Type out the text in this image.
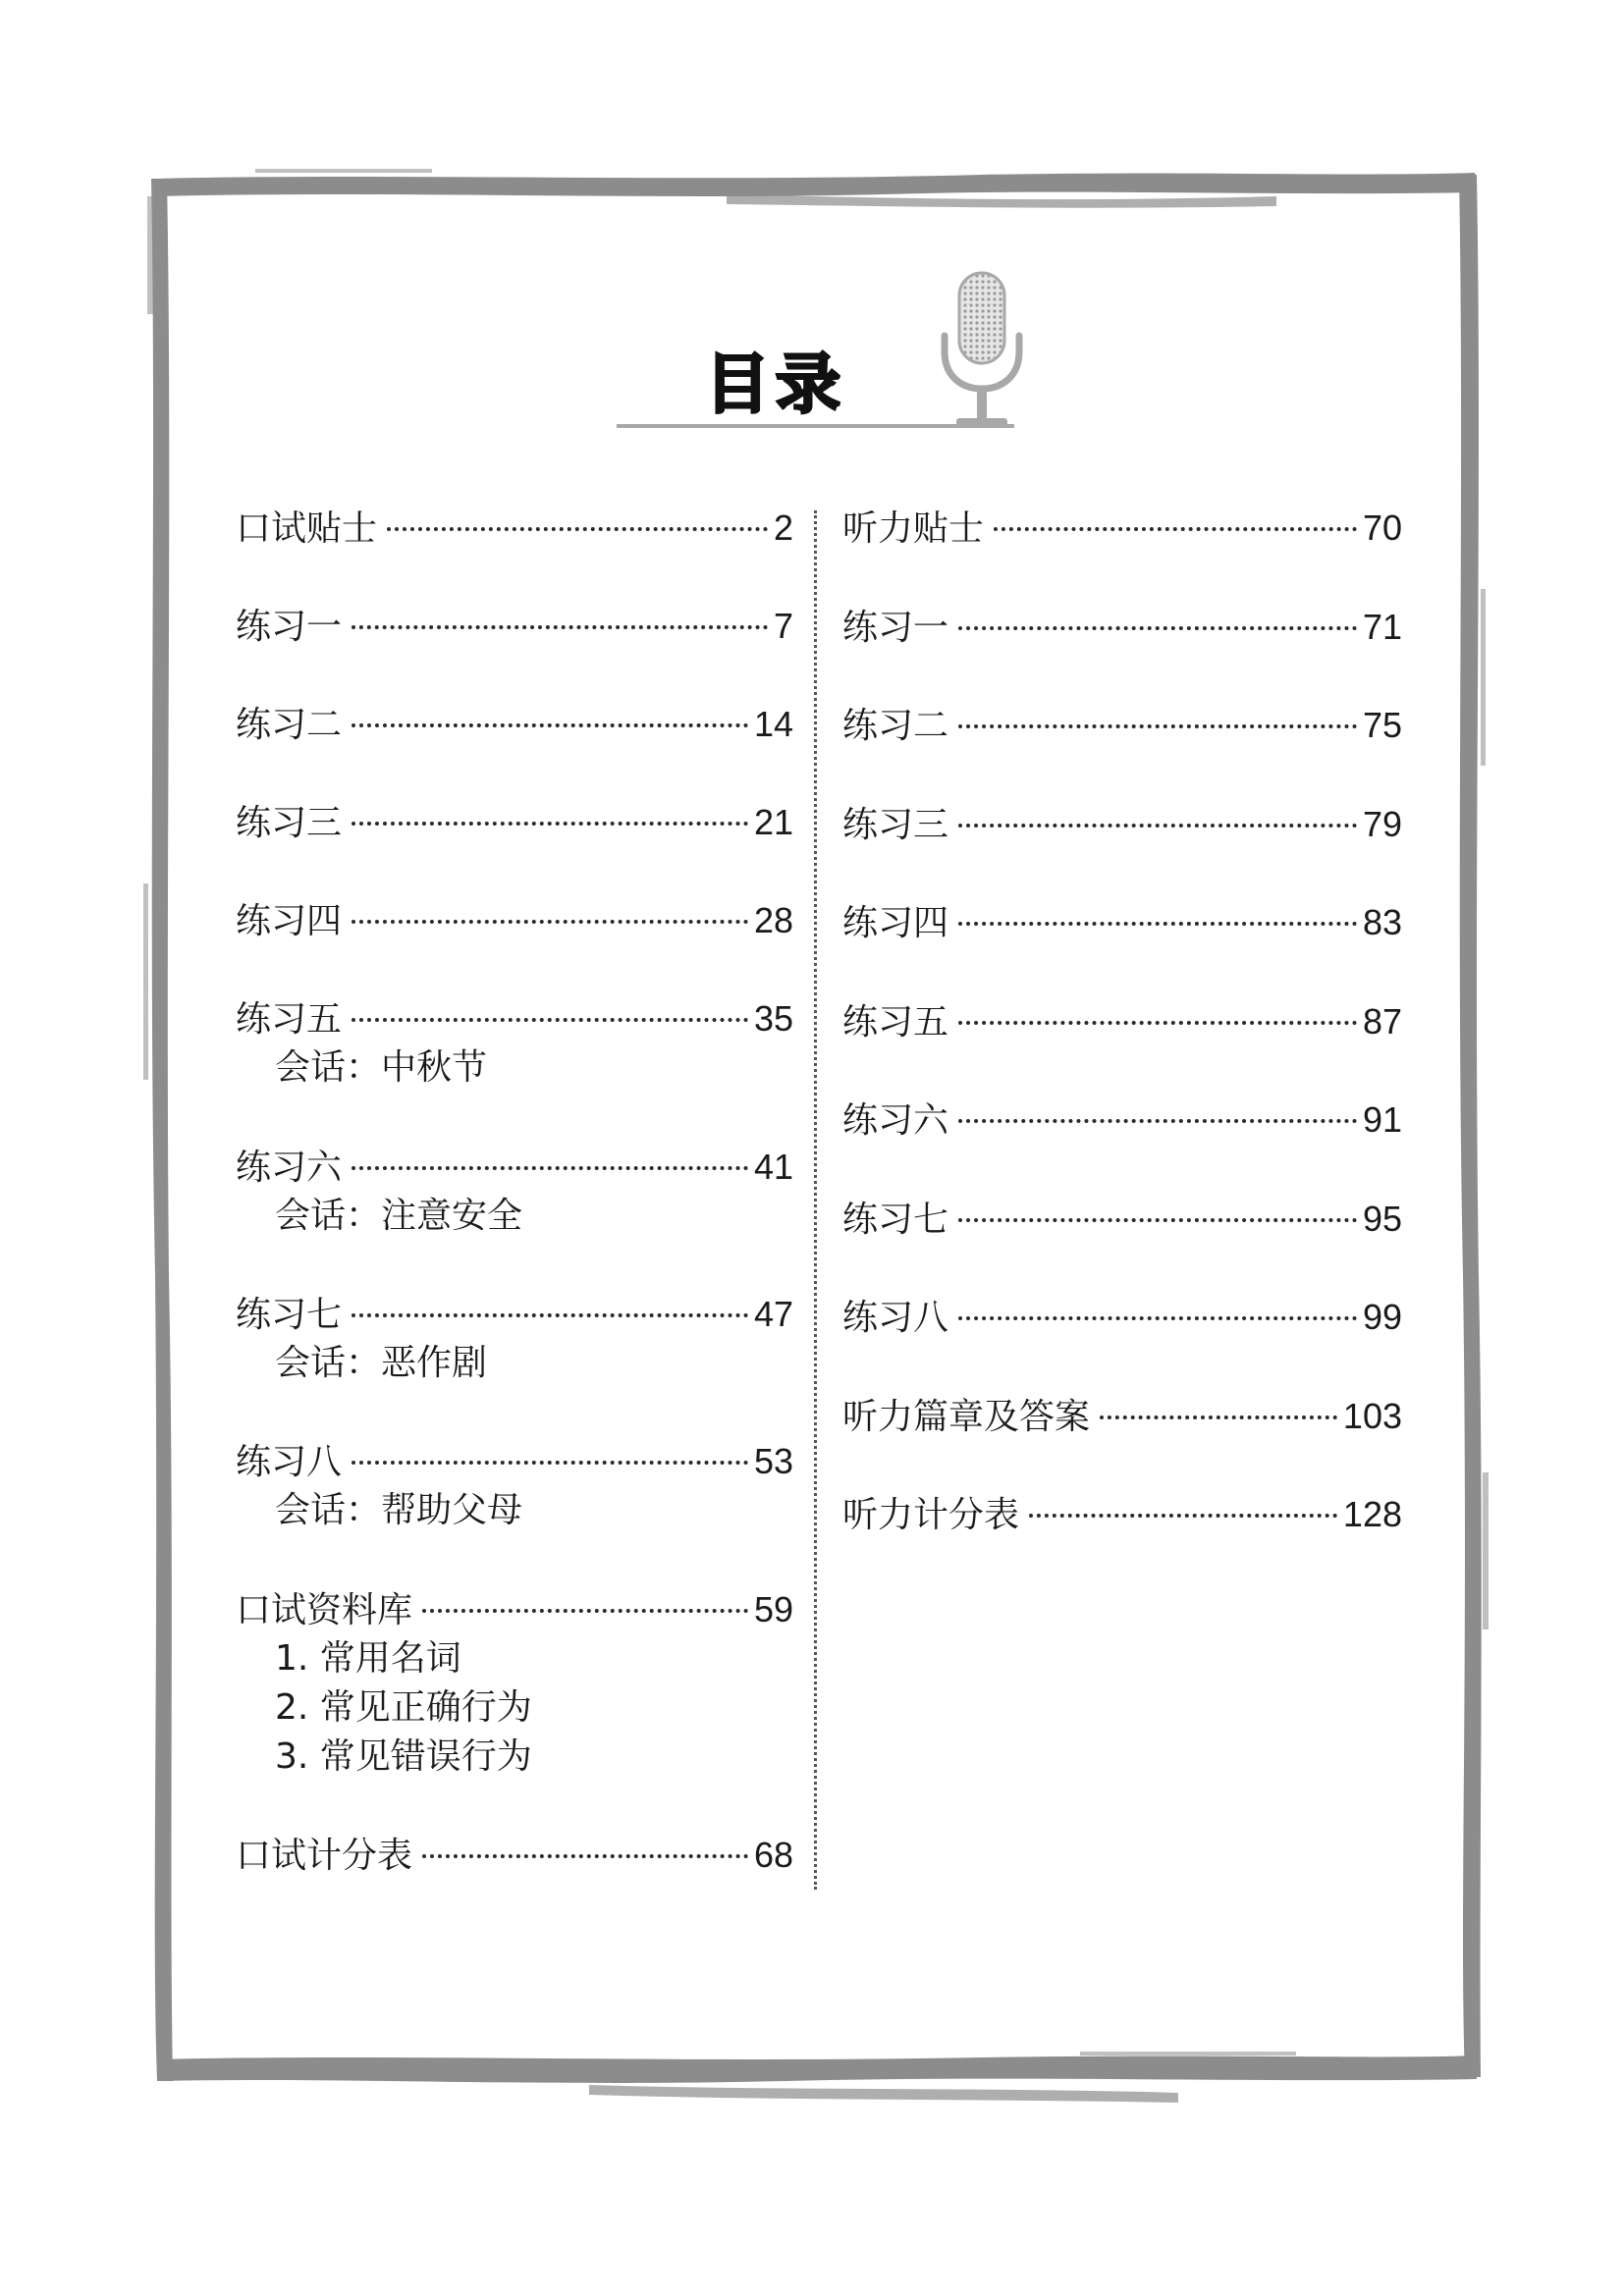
目录
口试贴士	2
练习一	7
练习二	14
练习三	21
练习四	28
练习五	35
会话：中秋节
练习六	41
会话：注意安全
练习七	47
会话：恶作剧
练习八	53
会话：帮助父母
口试资料库	59
1. 常用名词
2. 常见正确行为
3. 常见错误行为
口试计分表	68
听力贴士	70
练习一	71
练习二	75
练习三	79
练习四	83
练习五	87
练习六	91
练习七	95
练习八	99
听力篇章及答案	103
听力计分表	128
